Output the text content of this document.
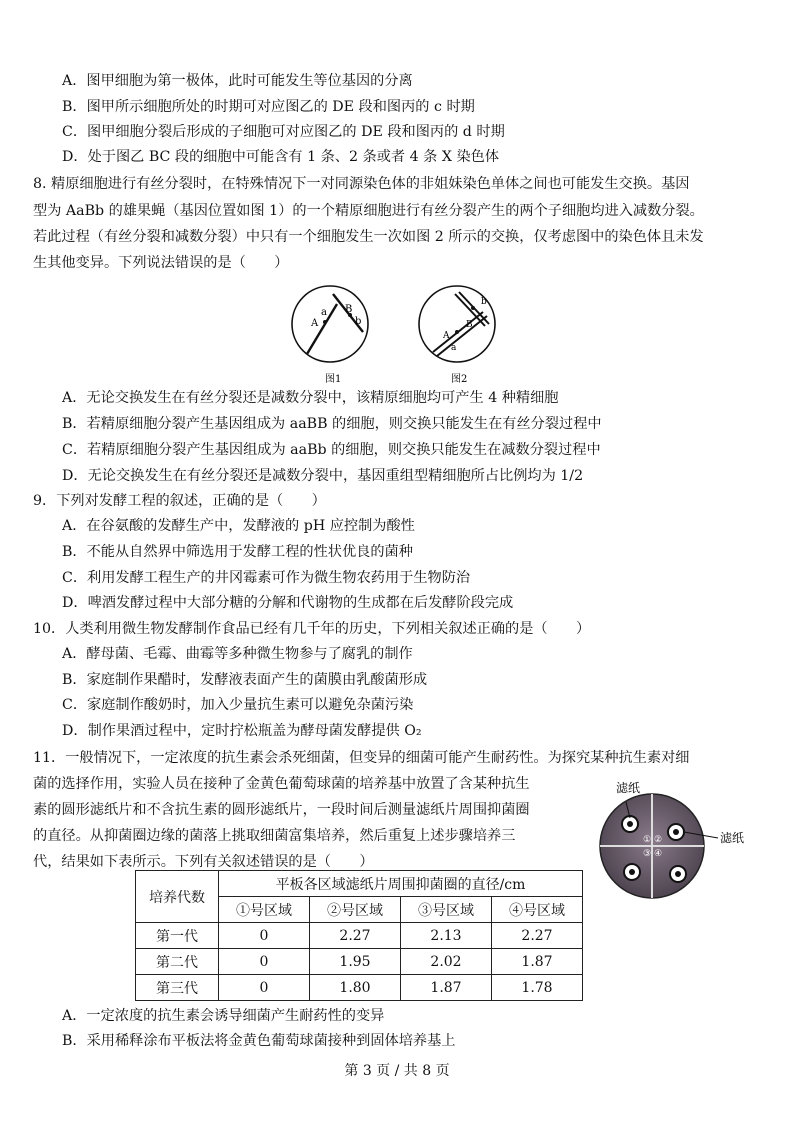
A．图甲细胞为第一极体，此时可能发生等位基因的分离
B．图甲所示细胞所处的时期可对应图乙的 DE 段和图丙的 c 时期
C．图甲细胞分裂后形成的子细胞可对应图乙的 DE 段和图丙的 d 时期
D．处于图乙 BC 段的细胞中可能含有 1 条、2 条或者 4 条 X 染色体
8. 精原细胞进行有丝分裂时，在特殊情况下一对同源染色体的非姐妹染色单体之间也可能发生交换。基因
型为 AaBb 的雄果蝇（基因位置如图 1）的一个精原细胞进行有丝分裂产生的两个子细胞均进入减数分裂。
若此过程（有丝分裂和减数分裂）中只有一个细胞发生一次如图 2 所示的交换，仅考虑图中的染色体且未发
生其他变异。下列说法错误的是（　　）
A
a B
b
图1
A
a
B
b
图2
A．无论交换发生在有丝分裂还是减数分裂中，该精原细胞均可产生 4 种精细胞
B．若精原细胞分裂产生基因组成为 aaBB 的细胞，则交换只能发生在有丝分裂过程中
C．若精原细胞分裂产生基因组成为 aaBb 的细胞，则交换只能发生在减数分裂过程中
D．无论交换发生在有丝分裂还是减数分裂中，基因重组型精细胞所占比例均为 1/2
9．下列对发酵工程的叙述，正确的是（　　）
A．在谷氨酸的发酵生产中，发酵液的 pH 应控制为酸性
B．不能从自然界中筛选用于发酵工程的性状优良的菌种
C．利用发酵工程生产的井冈霉素可作为微生物农药用于生物防治
D．啤酒发酵过程中大部分糖的分解和代谢物的生成都在后发酵阶段完成
10．人类利用微生物发酵制作食品已经有几千年的历史，下列相关叙述正确的是（　　）
A．酵母菌、毛霉、曲霉等多种微生物参与了腐乳的制作
B．家庭制作果醋时，发酵液表面产生的菌膜由乳酸菌形成
C．家庭制作酸奶时，加入少量抗生素可以避免杂菌污染
D．制作果酒过程中，定时拧松瓶盖为酵母菌发酵提供 O₂
11．一般情况下，一定浓度的抗生素会杀死细菌，但变异的细菌可能产生耐药性。为探究某种抗生素对细
菌的选择作用，实验人员在接种了金黄色葡萄球菌的培养基中放置了含某种抗生
素的圆形滤纸片和不含抗生素的圆形滤纸片，一段时间后测量滤纸片周围抑菌圈
的直径。从抑菌圈边缘的菌落上挑取细菌富集培养，然后重复上述步骤培养三
代，结果如下表所示。下列有关叙述错误的是（　　）
① ②
③ ④
滤纸
滤纸
培养代数	平板各区域滤纸片周围抑菌圈的直径/cm			
	①号区域	②号区域	③号区域	④号区域
第一代	0	2.27	2.13	2.27
第二代	0	1.95	2.02	1.87
第三代	0	1.80	1.87	1.78
A．一定浓度的抗生素会诱导细菌产生耐药性的变异
B．采用稀释涂布平板法将金黄色葡萄球菌接种到固体培养基上
第 3 页 / 共 8 页
